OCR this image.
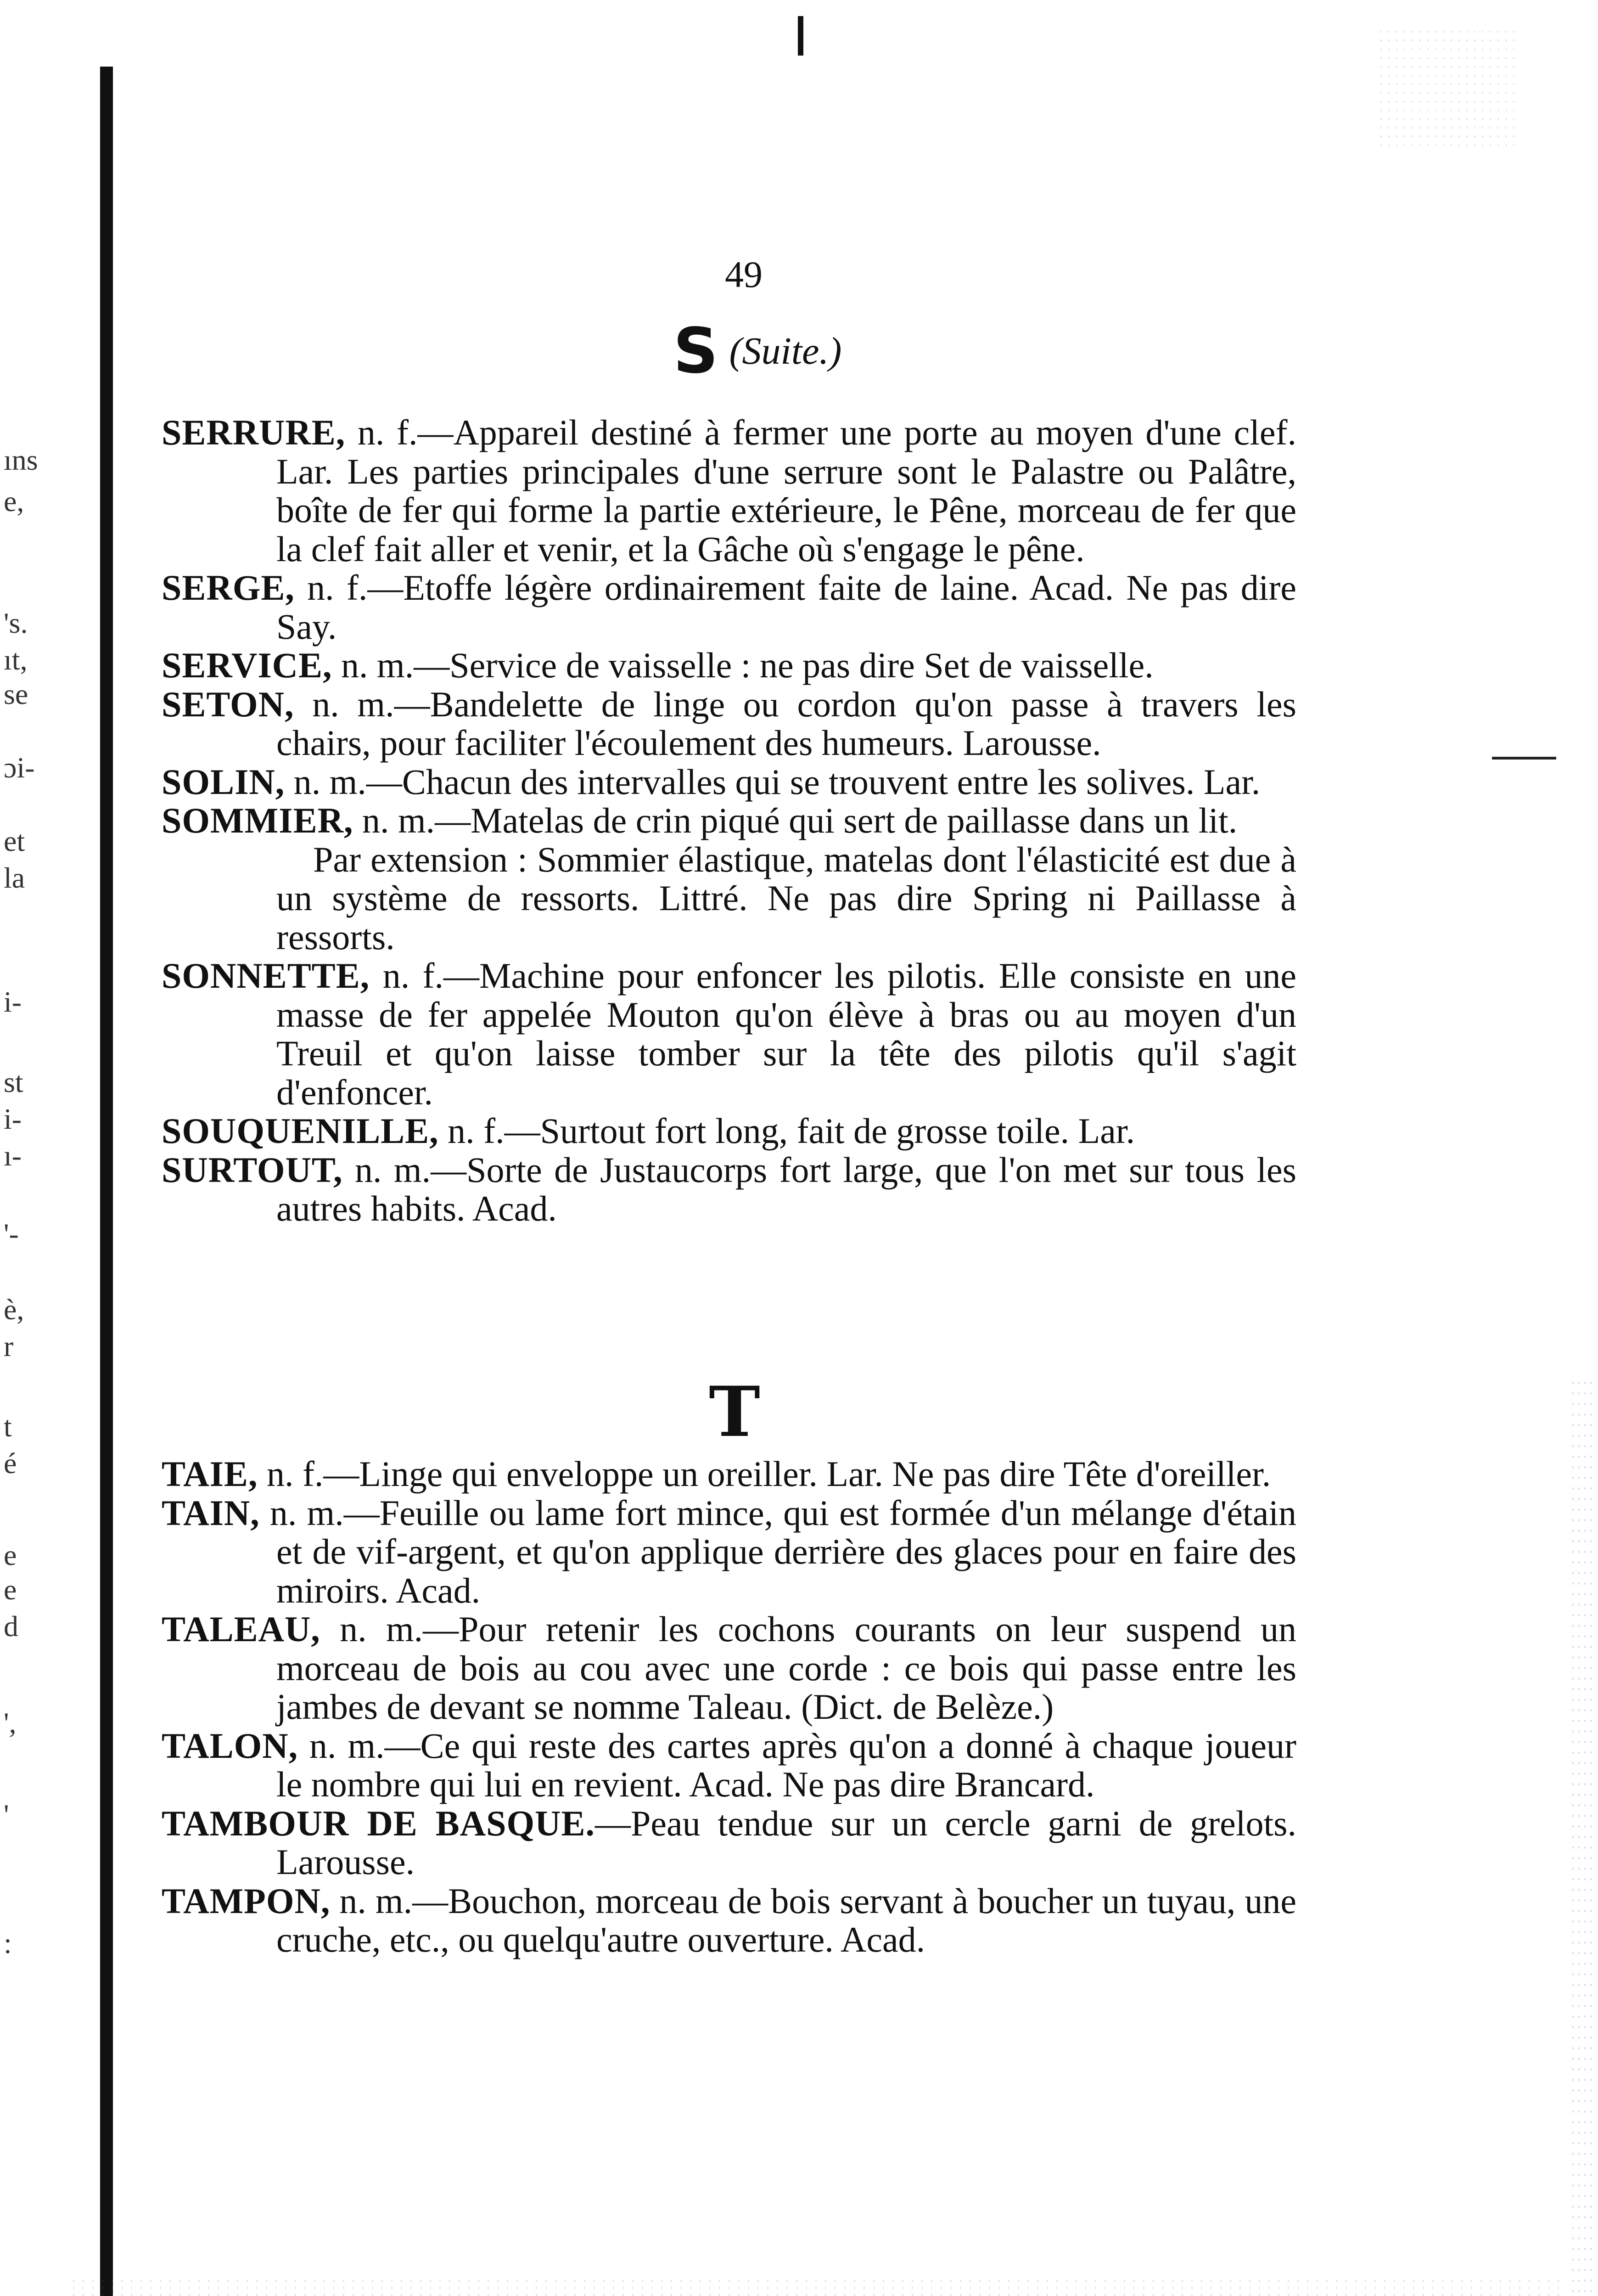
ıns
e,
's.
ıt,
se
ɔi-
et
la
i-
st
i-
ı-
'-
è,
r
t
é
e
e
d
',
'
:
49
S (Suite.)
SERRURE, n. f.—Appareil destiné à fermer une porte au moyen d'une clef. Lar. Les parties principales d'une serrure sont le Palastre ou Palâtre, boîte de fer qui forme la partie extérieure, le Pêne, morceau de fer que la clef fait aller et venir, et la Gâche où s'engage le pêne.
SERGE, n. f.—Etoffe légère ordinairement faite de laine. Acad. Ne pas dire Say.
SERVICE, n. m.—Service de vaisselle : ne pas dire Set de vaisselle.
SETON, n. m.—Bandelette de linge ou cordon qu'on passe à travers les chairs, pour faciliter l'écoulement des humeurs. Larousse.
SOLIN, n. m.—Chacun des intervalles qui se trouvent entre les solives. Lar.
SOMMIER, n. m.—Matelas de crin piqué qui sert de paillasse dans un lit.
Par extension : Sommier élastique, matelas dont l'élasticité est due à un système de ressorts. Littré. Ne pas dire Spring ni Paillasse à ressorts.
SONNETTE, n. f.—Machine pour enfoncer les pilotis. Elle consiste en une masse de fer appelée Mouton qu'on élève à bras ou au moyen d'un Treuil et qu'on laisse tomber sur la tête des pilotis qu'il s'agit d'enfoncer.
SOUQUENILLE, n. f.—Surtout fort long, fait de grosse toile. Lar.
SURTOUT, n. m.—Sorte de Justaucorps fort large, que l'on met sur tous les autres habits. Acad.
T
TAIE, n. f.—Linge qui enveloppe un oreiller. Lar. Ne pas dire Tête d'oreiller.
TAIN, n. m.—Feuille ou lame fort mince, qui est formée d'un mélange d'étain et de vif-argent, et qu'on applique derrière des glaces pour en faire des miroirs. Acad.
TALEAU, n. m.—Pour retenir les cochons courants on leur suspend un morceau de bois au cou avec une corde : ce bois qui passe entre les jambes de devant se nomme Taleau. (Dict. de Belèze.)
TALON, n. m.—Ce qui reste des cartes après qu'on a donné à chaque joueur le nombre qui lui en revient. Acad. Ne pas dire Brancard.
TAMBOUR DE BASQUE.—Peau tendue sur un cercle garni de grelots. Larousse.
TAMPON, n. m.—Bouchon, morceau de bois servant à boucher un tuyau, une cruche, etc., ou quelqu'autre ouverture. Acad.
